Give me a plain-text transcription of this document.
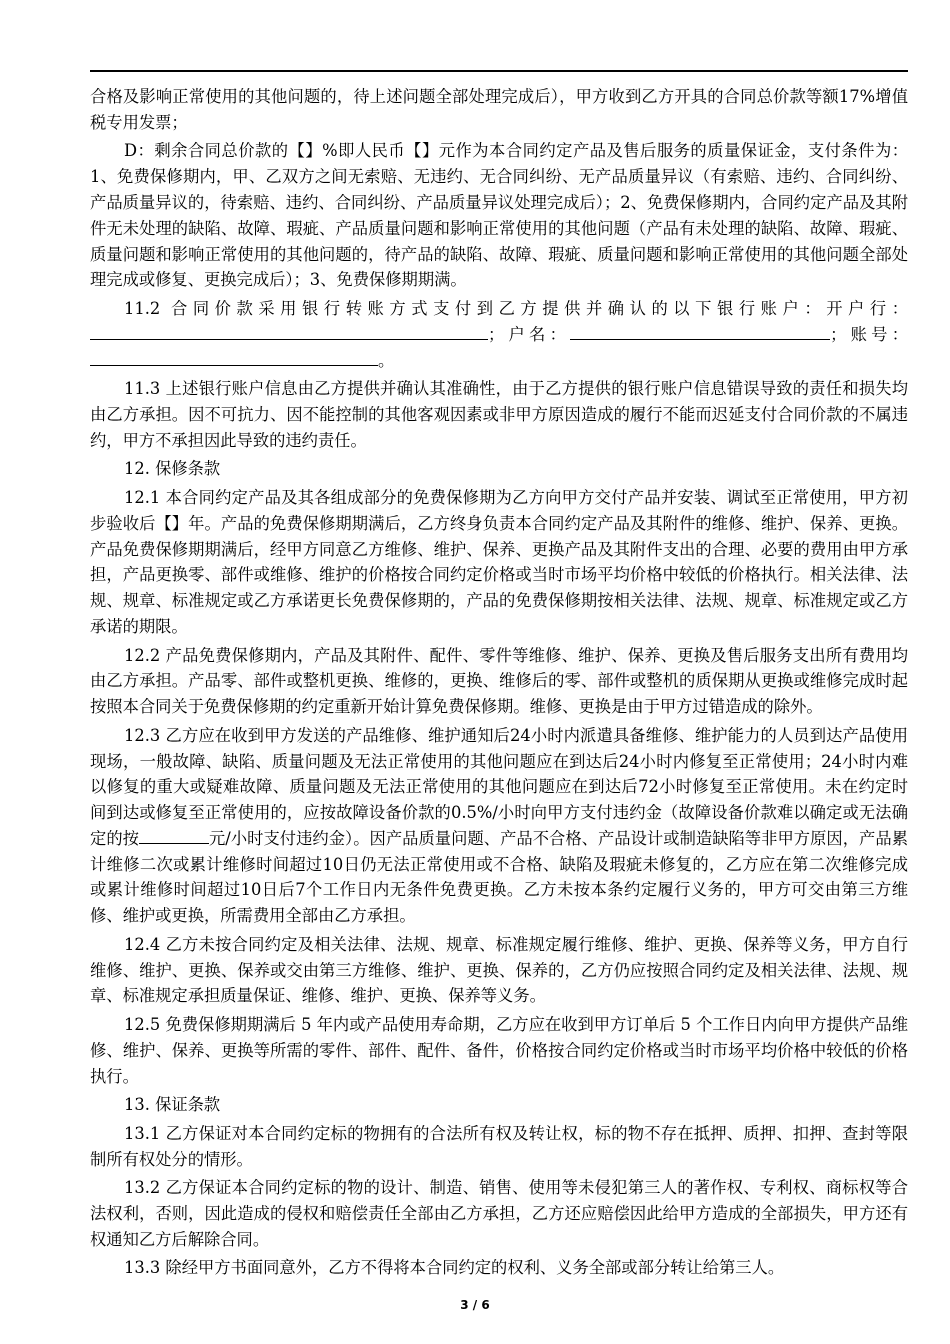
合格及影响正常使用的其他问题的，待上述问题全部处理完成后），甲方收到乙方开具的合同总价款等额17%增值税专用发票；

D：剩余合同总价款的【】%即人民币【】元作为本合同约定产品及售后服务的质量保证金，支付条件为：1、免费保修期内，甲、乙双方之间无索赔、无违约、无合同纠纷、无产品质量异议（有索赔、违约、合同纠纷、产品质量异议的，待索赔、违约、合同纠纷、产品质量异议处理完成后）；2、免费保修期内，合同约定产品及其附件无未处理的缺陷、故障、瑕疵、产品质量问题和影响正常使用的其他问题（产品有未处理的缺陷、故障、瑕疵、质量问题和影响正常使用的其他问题的，待产品的缺陷、故障、瑕疵、质量问题和影响正常使用的其他问题全部处理完成或修复、更换完成后）；3、免费保修期期满。

11.2 合同价款采用银行转账方式支付到乙方提供并确认的以下银行账户：开户行：；户名：	；账号：。

11.3 上述银行账户信息由乙方提供并确认其准确性，由于乙方提供的银行账户信息错误导致的责任和损失均由乙方承担。因不可抗力、因不能控制的其他客观因素或非甲方原因造成的履行不能而迟延支付合同价款的不属违约，甲方不承担因此导致的违约责任。

12. 保修条款

12.1 本合同约定产品及其各组成部分的免费保修期为乙方向甲方交付产品并安装、调试至正常使用，甲方初步验收后【】年。产品的免费保修期期满后，乙方终身负责本合同约定产品及其附件的维修、维护、保养、更换。产品免费保修期期满后，经甲方同意乙方维修、维护、保养、更换产品及其附件支出的合理、必要的费用由甲方承担，产品更换零、部件或维修、维护的价格按合同约定价格或当时市场平均价格中较低的价格执行。相关法律、法规、规章、标准规定或乙方承诺更长免费保修期的，产品的免费保修期按相关法律、法规、规章、标准规定或乙方承诺的期限。

12.2 产品免费保修期内，产品及其附件、配件、零件等维修、维护、保养、更换及售后服务支出所有费用均由乙方承担。产品零、部件或整机更换、维修的，更换、维修后的零、部件或整机的质保期从更换或维修完成时起按照本合同关于免费保修期的约定重新开始计算免费保修期。维修、更换是由于甲方过错造成的除外。

12.3 乙方应在收到甲方发送的产品维修、维护通知后24小时内派遣具备维修、维护能力的人员到达产品使用现场，一般故障、缺陷、质量问题及无法正常使用的其他问题应在到达后24小时内修复至正常使用；24小时内难以修复的重大或疑难故障、质量问题及无法正常使用的其他问题应在到达后72小时修复至正常使用。未在约定时间到达或修复至正常使用的，应按故障设备价款的0.5%/小时向甲方支付违约金（故障设备价款难以确定或无法确定的按	元/小时支付违约金）。因产品质量问题、产品不合格、产品设计或制造缺陷等非甲方原因，产品累计维修二次或累计维修时间超过10日仍无法正常使用或不合格、缺陷及瑕疵未修复的，乙方应在第二次维修完成或累计维修时间超过10日后7个工作日内无条件免费更换。乙方未按本条约定履行义务的，甲方可交由第三方维修、维护或更换，所需费用全部由乙方承担。

12.4 乙方未按合同约定及相关法律、法规、规章、标准规定履行维修、维护、更换、保养等义务，甲方自行维修、维护、更换、保养或交由第三方维修、维护、更换、保养的，乙方仍应按照合同约定及相关法律、法规、规章、标准规定承担质量保证、维修、维护、更换、保养等义务。

12.5 免费保修期期满后 5 年内或产品使用寿命期，乙方应在收到甲方订单后 5 个工作日内向甲方提供产品维修、维护、保养、更换等所需的零件、部件、配件、备件，价格按合同约定价格或当时市场平均价格中较低的价格执行。

13. 保证条款

13.1 乙方保证对本合同约定标的物拥有的合法所有权及转让权，标的物不存在抵押、质押、扣押、查封等限制所有权处分的情形。

13.2 乙方保证本合同约定标的物的设计、制造、销售、使用等未侵犯第三人的著作权、专利权、商标权等合法权利，否则，因此造成的侵权和赔偿责任全部由乙方承担，乙方还应赔偿因此给甲方造成的全部损失，甲方还有权通知乙方后解除合同。

13.3 除经甲方书面同意外，乙方不得将本合同约定的权利、义务全部或部分转让给第三人。

3 / 6
